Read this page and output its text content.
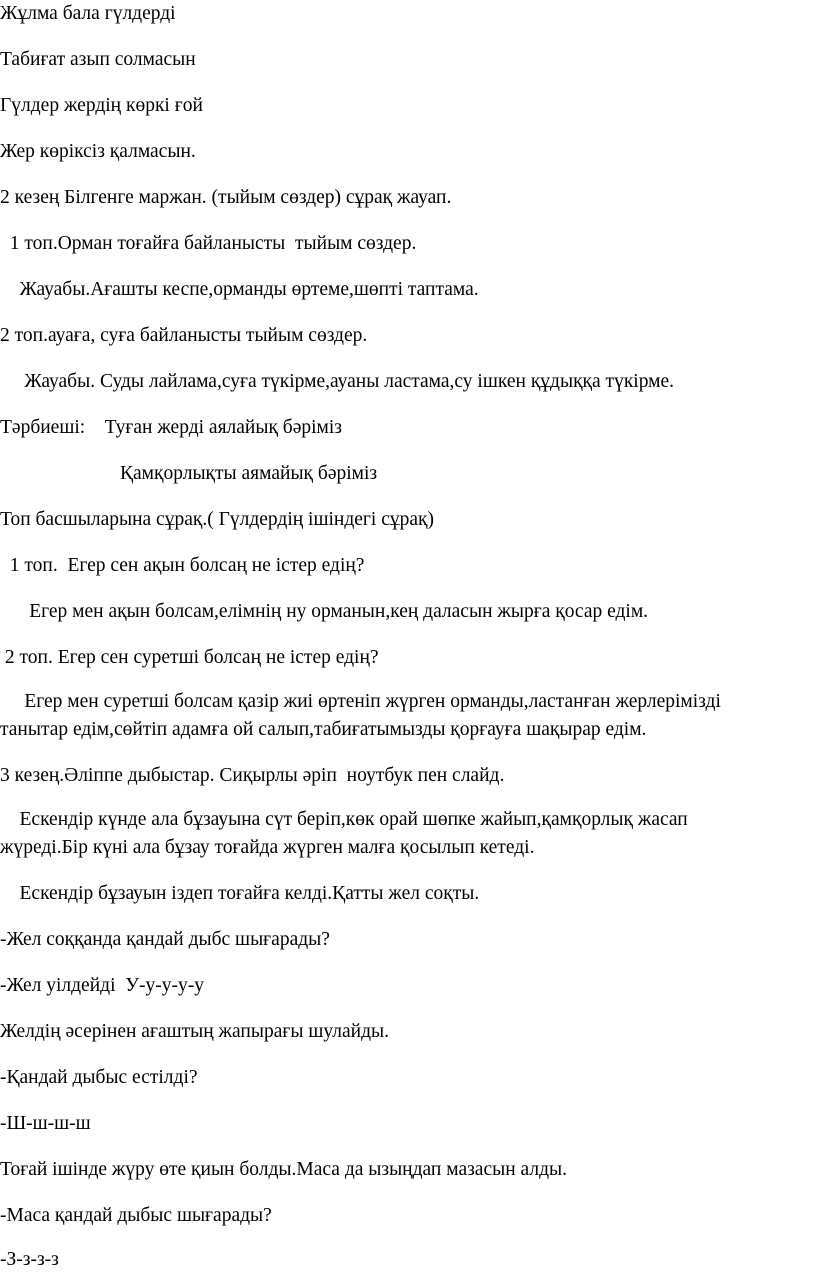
Жұлма бала гүлдерді
Табиғат азып солмасын
Гүлдер жердің көркі ғой
Жер көріксіз қалмасын.
2 кезең Білгенге маржан. (тыйым сөздер) сұрақ жауап.
1 топ.Орман тоғайға байланысты  тыйым сөздер.
Жауабы.Ағашты кеспе,орманды өртеме,шөпті таптама.
2 топ.ауаға, суға байланысты тыйым сөздер.
Жауабы. Суды лайлама,суға түкірме,ауаны ластама,су ішкен құдыққа түкірме.
Тәрбиеші:    Туған жерді аялайық бәріміз
Қамқорлықты аямайық бәріміз
Топ басшыларына сұрақ.( Гүлдердің ішіндегі сұрақ)
1 топ.  Егер сен ақын болсаң не істер едің?
Егер мен ақын болсам,елімнің ну орманын,кең даласын жырға қосар едім.
2 топ. Егер сен суретші болсаң не істер едің?
Егер мен суретші болсам қазір жиі өртеніп жүрген орманды,ластанған жерлерімізді
танытар едім,сөйтіп адамға ой салып,табиғатымызды қорғауға шақырар едім.
3 кезең.Әліппе дыбыстар. Сиқырлы әріп  ноутбук пен слайд.
Ескендір күнде ала бұзауына сүт беріп,көк орай шөпке жайып,қамқорлық жасап
жүреді.Бір күні ала бұзау тоғайда жүрген малға қосылып кетеді.
Ескендір бұзауын іздеп тоғайға келді.Қатты жел соқты.
-Жел соққанда қандай дыбс шығарады?
-Жел уілдейді  У-у-у-у-у
Желдің әсерінен ағаштың жапырағы шулайды.
-Қандай дыбыс естілді?
-Ш-ш-ш-ш
Тоғай ішінде жүру өте қиын болды.Маса да ызыңдап мазасын алды.
-Маса қандай дыбыс шығарады?
-З-з-з-з
